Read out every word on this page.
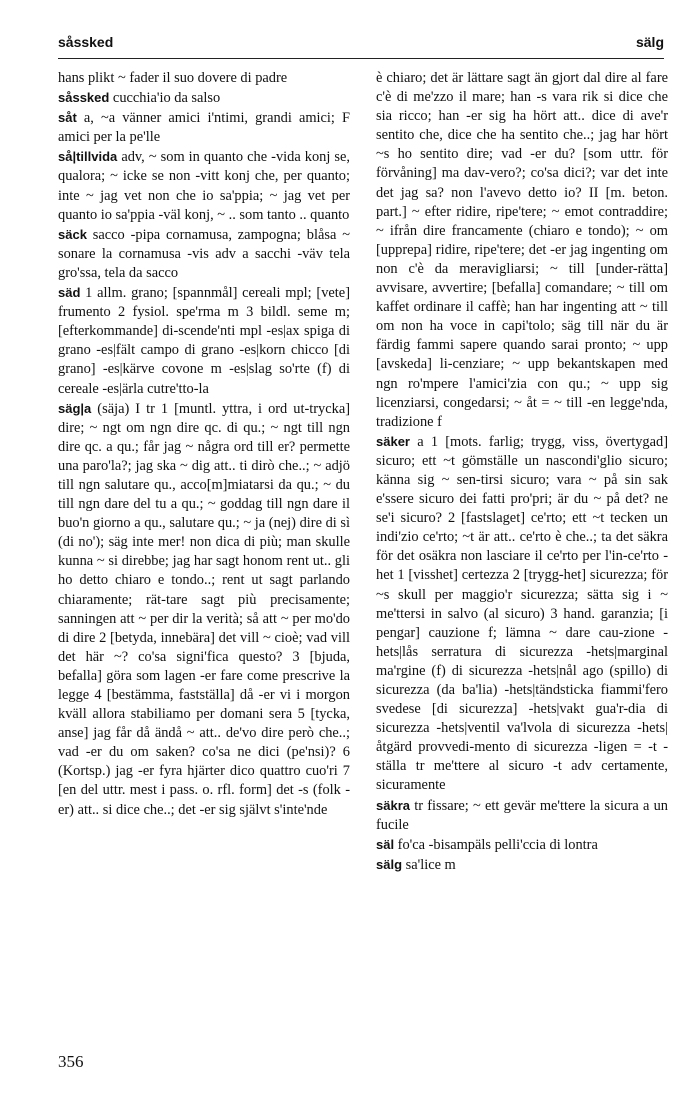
såssked	sälg

hans plikt ~ fader il suo dovere di padre

såssked cucchia'io da salso

såt a, ~a vänner amici i'ntimi, grandi amici; F amici per la pe'lle

så|tillvida adv, ~ som in quanto che -vida konj se, qualora; ~ icke se non -vitt konj che, per quanto; inte ~ jag vet non che io sa'ppia; ~ jag vet per quanto io sa'ppia -väl konj, ~ .. som tanto .. quanto

säck sacco -pipa cornamusa, zampogna; blåsa ~ sonare la cornamusa -vis adv a sacchi -väv tela gro'ssa, tela da sacco

säd 1 allm. grano; [spannmål] cereali mpl; [vete] frumento 2 fysiol. spe'rma m 3 bildl. seme m; [efterkommande] di-scende'nti mpl -es|ax spiga di grano -es|fält campo di grano -es|korn chicco [di grano] -es|kärve covone m -es|slag so'rte (f) di cereale -es|ärla cutre'tto-la

säg|a (säja) I tr 1 [muntl. yttra, i ord ut-trycka] dire; ~ ngt om ngn dire qc. di qu.; ~ ngt till ngn dire qc. a qu.; får jag ~ några ord till er? permette una paro'la?; jag ska ~ dig att.. ti dirò che..; ~ adjö till ngn salutare qu., acco[m]miatarsi da qu.; ~ du till ngn dare del tu a qu.; ~ goddag till ngn dare il buo'n giorno a qu., salutare qu.; ~ ja (nej) dire di sì (di no'); säg inte mer! non dica di più; man skulle kunna ~ si direbbe; jag har sagt honom rent ut.. gli ho detto chiaro e tondo..; rent ut sagt parlando chiaramente; rät-tare sagt più precisamente; sanningen att ~ per dir la verità; så att ~ per mo'do di dire 2 [betyda, innebära] det vill ~ cioè; vad vill det här ~? co'sa signi'fica questo? 3 [bjuda, befalla] göra som lagen -er fare come prescrive la legge 4 [bestämma, fastställa] då -er vi i morgon kväll allora stabiliamo per domani sera 5 [tycka, anse] jag får då ändå ~ att.. de'vo dire però che..; vad -er du om saken? co'sa ne dici (pe'nsi)? 6 (Kortsp.) jag -er fyra hjärter dico quattro cuo'ri 7 [en del uttr. mest i pass. o. rfl. form] det -s (folk -er) att.. si dice che..; det -er sig självt s'inte'nde

è chiaro; det är lättare sagt än gjort dal dire al fare c'è di me'zzo il mare; han -s vara rik si dice che sia ricco; han -er sig ha hört att.. dice di ave'r sentito che, dice che ha sentito che..; jag har hört ~s ho sentito dire; vad -er du? [som uttr. för förvåning] ma dav-vero?; co'sa dici?; var det inte det jag sa? non l'avevo detto io? II [m. beton. part.] ~ efter ridire, ripe'tere; ~ emot contraddire; ~ ifrån dire francamente (chiaro e tondo); ~ om [upprepa] ridire, ripe'tere; det -er jag ingenting om non c'è da meravigliarsi; ~ till [under-rätta] avvisare, avvertire; [befalla] comandare; ~ till om kaffet ordinare il caffè; han har ingenting att ~ till om non ha voce in capi'tolo; säg till när du är färdig fammi sapere quando sarai pronto; ~ upp [avskeda] li-cenziare; ~ upp bekantskapen med ngn ro'mpere l'amici'zia con qu.; ~ upp sig licenziarsi, congedarsi; ~ åt = ~ till -en legge'nda, tradizione f

säker a 1 [mots. farlig; trygg, viss, övertygad] sicuro; ett ~t gömställe un nascondi'glio sicuro; känna sig ~ sen-tirsi sicuro; vara ~ på sin sak e'ssere sicuro dei fatti pro'pri; är du ~ på det? ne se'i sicuro? 2 [fastslaget] ce'rto; ett ~t tecken un indi'zio ce'rto; ~t är att.. ce'rto è che..; ta det säkra för det osäkra non lasciare il ce'rto per l'in-ce'rto -het 1 [visshet] certezza 2 [trygg-het] sicurezza; för ~s skull per maggio'r sicurezza; sätta sig i ~ me'ttersi in salvo (al sicuro) 3 hand. garanzia; [i pengar] cauzione f; lämna ~ dare cau-zione -hets|lås serratura di sicurezza -hets|marginal ma'rgine (f) di sicurezza -hets|nål ago (spillo) di sicurezza (da ba'lia) -hets|tändsticka fiammi'fero svedese [di sicurezza] -hets|vakt gua'r-dia di sicurezza -hets|ventil va'lvola di sicurezza -hets|åtgärd provvedi-mento di sicurezza -ligen = -t -ställa tr me'ttere al sicuro -t adv certamente, sicuramente

säkra tr fissare; ~ ett gevär me'ttere la sicura a un fucile

säl fo'ca -bisampäls pelli'ccia di lontra

sälg sa'lice m

356
